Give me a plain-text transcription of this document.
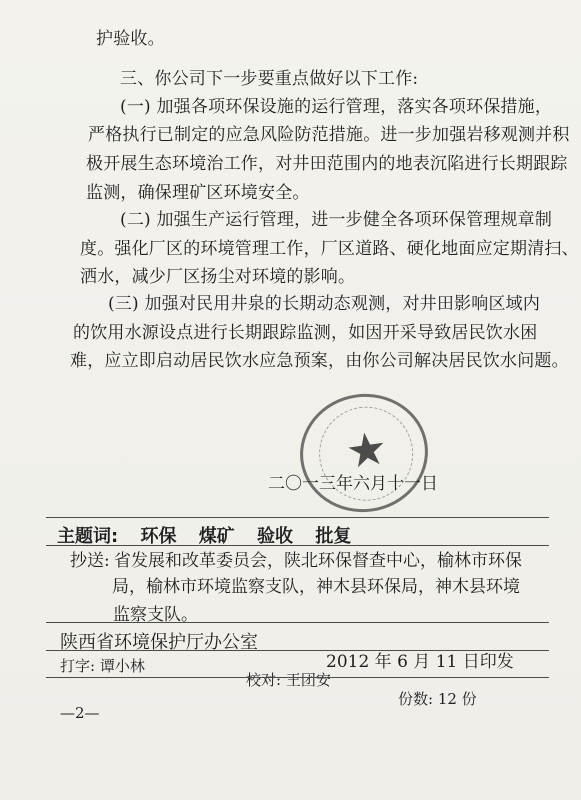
护验收。
三、你公司下一步要重点做好以下工作:
(一) 加强各项环保设施的运行管理，落实各项环保措施，
严格执行已制定的应急风险防范措施。进一步加强岩移观测并积
极开展生态环境治工作，对井田范围内的地表沉陷进行长期跟踪
监测，确保理矿区环境安全。
(二) 加强生产运行管理，进一步健全各项环保管理规章制
度。强化厂区的环境管理工作，厂区道路、硬化地面应定期清扫、
洒水，减少厂区扬尘对环境的影响。
(三) 加强对民用井泉的长期动态观测，对井田影响区域内
的饮用水源设点进行长期跟踪监测，如因开采导致居民饮水困
难，应立即启动居民饮水应急预案，由你公司解决居民饮水问题。
★
二〇一三年六月十一日
主题词: 环保 煤矿 验收 批复
抄送: 省发展和改革委员会，陕北环保督查中心，榆林市环保
局，榆林市环境监察支队，神木县环保局，神木县环境
监察支队。
陕西省环境保护厅办公室
2012 年 6 月 11 日印发
打字: 谭小林
校对: 王团安
份数: 12 份
—2—
